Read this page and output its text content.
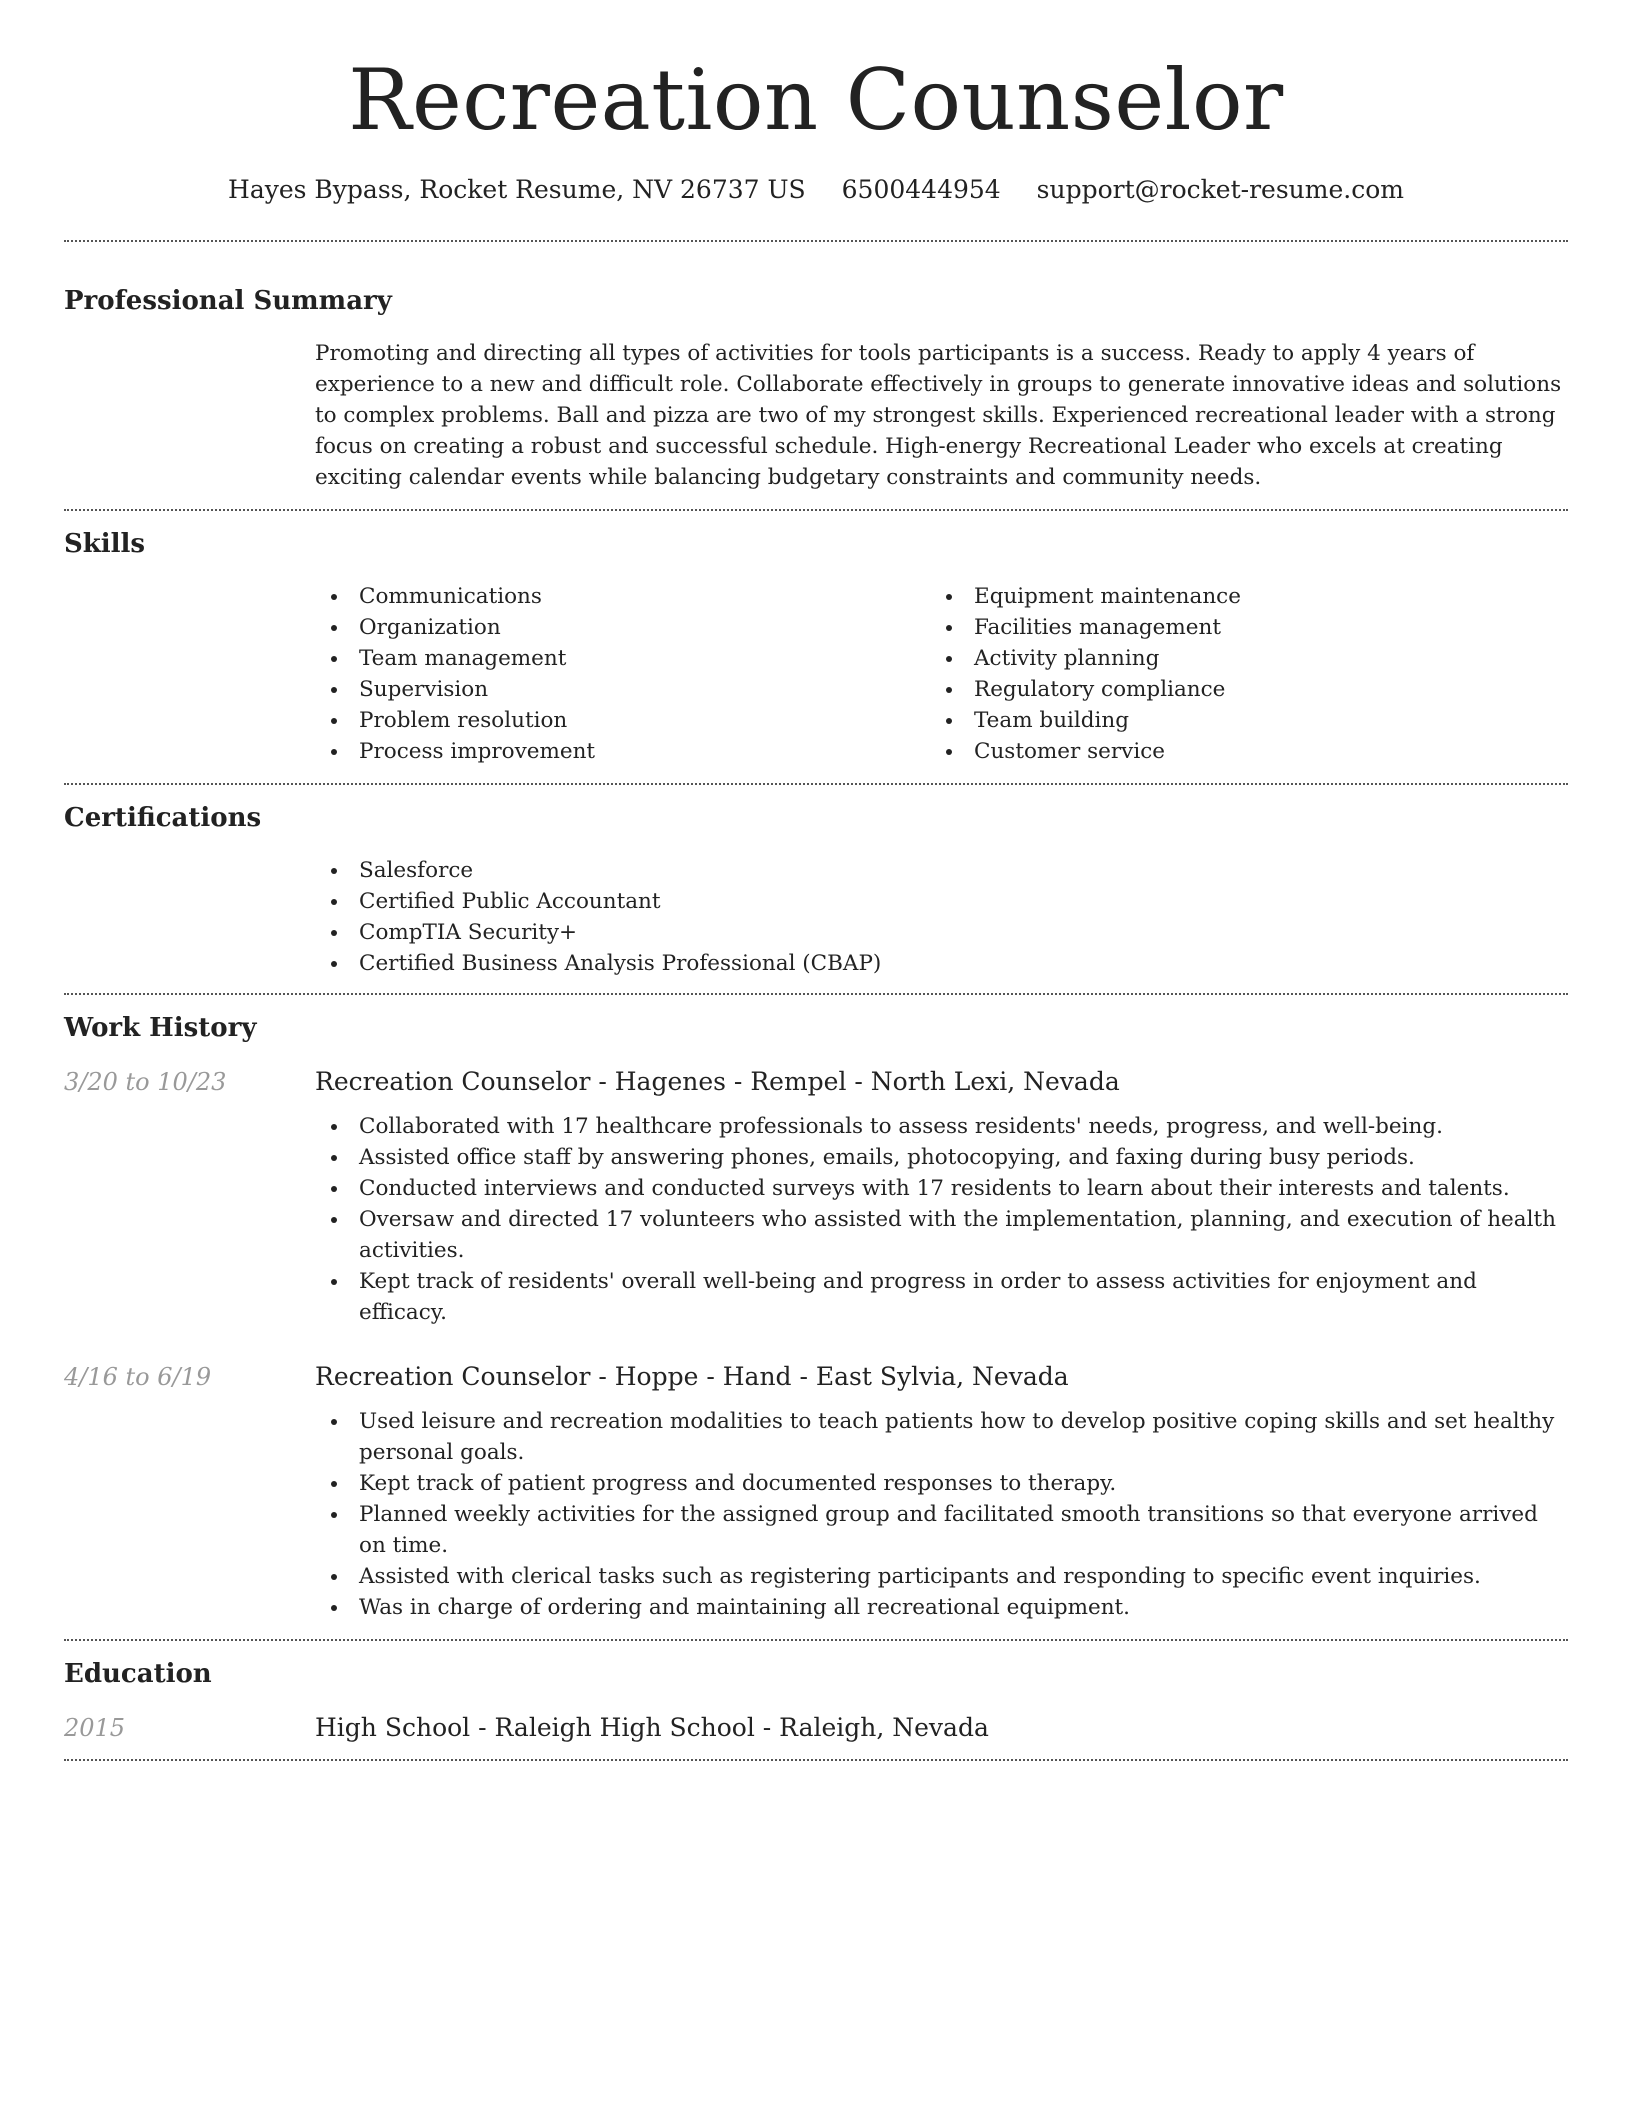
Recreation Counselor
Hayes Bypass, Rocket Resume, NV 26737 US 6500444954 support@rocket-resume.com
Professional Summary

Promoting and directing all types of activities for tools participants is a success. Ready to apply 4 years of experience to a new and difficult role. Collaborate effectively in groups to generate innovative ideas and solutions to complex problems. Ball and pizza are two of my strongest skills. Experienced recreational leader with a strong focus on creating a robust and successful schedule. High-energy Recreational Leader who excels at creating exciting calendar events while balancing budgetary constraints and community needs.

Skills
Communications
Organization
Team management
Supervision
Problem resolution
Process improvement
Equipment maintenance
Facilities management
Activity planning
Regulatory compliance
Team building
Customer service
Certifications
Salesforce
Certified Public Accountant
CompTIA Security+
Certified Business Analysis Professional (CBAP)
Work History
3/20 to 10/23	Recreation Counselor - Hagenes - Rempel - North Lexi, Nevada
Collaborated with 17 healthcare professionals to assess residents' needs, progress, and well-being.
Assisted office staff by answering phones, emails, photocopying, and faxing during busy periods.
Conducted interviews and conducted surveys with 17 residents to learn about their interests and talents.
Oversaw and directed 17 volunteers who assisted with the implementation, planning, and execution of health activities.
Kept track of residents' overall well-being and progress in order to assess activities for enjoyment and efficacy.
4/16 to 6/19	Recreation Counselor - Hoppe - Hand - East Sylvia, Nevada
Used leisure and recreation modalities to teach patients how to develop positive coping skills and set healthy personal goals.
Kept track of patient progress and documented responses to therapy.
Planned weekly activities for the assigned group and facilitated smooth transitions so that everyone arrived on time.
Assisted with clerical tasks such as registering participants and responding to specific event inquiries.
Was in charge of ordering and maintaining all recreational equipment.
Education
2015	High School - Raleigh High School - Raleigh, Nevada
